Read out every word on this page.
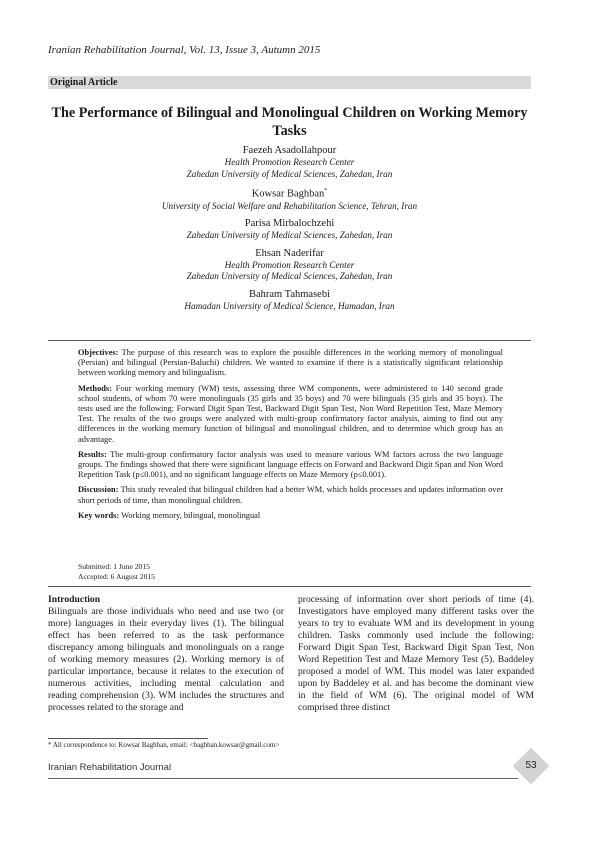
Iranian Rehabilitation Journal, Vol. 13, Issue 3, Autumn 2015
Original Article
The Performance of Bilingual and Monolingual Children on Working Memory Tasks
Faezeh Asadollahpour
Health Promotion Research Center
Zahedan University of Medical Sciences, Zahedan, Iran
Kowsar Baghban*
University of Social Welfare and Rehabilitation Science, Tehran, Iran
Parisa Mirbalochzehi
Zahedan University of Medical Sciences, Zahedan, Iran
Ehsan Naderifar
Health Promotion Research Center
Zahedan University of Medical Sciences, Zahedan, Iran
Bahram Tahmasebi
Hamadan University of Medical Science, Hamadan, Iran

Objectives: The purpose of this research was to explore the possible differences in the working memory of monolingual (Persian) and bilingual (Persian-Baluchi) children. We wanted to examine if there is a statistically significant relationship between working memory and bilingualism.

Methods: Four working memory (WM) tests, assessing three WM components, were administered to 140 second grade school students, of whom 70 were monolinguals (35 girls and 35 boys) and 70 were bilinguals (35 girls and 35 boys). The tests used are the following: Forward Digit Span Test, Backward Digit Span Test, Non Word Repetition Test, Maze Memory Test. The results of the two groups were analyzed with multi-group confirmatory factor analysis, aiming to find out any differences in the working memory function of bilingual and monolingual children, and to determine which group has an advantage.

Results: The multi-group confirmatory factor analysis was used to measure various WM factors across the two language groups. The findings showed that there were significant language effects on Forward and Backward Digit Span and Non Word Repetition Task (p≤0.001), and no significant language effects on Maze Memory (p≤0.001).

Discussion: This study revealed that bilingual children had a better WM, which holds processes and updates information over short periods of time, than monolingual children.

Key words: Working memory, bilingual, monolingual

Submitted: 1 June 2015
Accepted: 6 August 2015
Introduction

Bilinguals are those individuals who need and use two (or more) languages in their everyday lives (1). The bilingual effect has been referred to as the task performance discrepancy among bilinguals and monolinguals on a range of working memory measures (2). Working memory is of particular importance, because it relates to the execution of numerous activities, including mental calculation and reading comprehension (3). WM includes the structures and processes related to the storage and

processing of information over short periods of time (4). Investigators have employed many different tasks over the years to try to evaluate WM and its development in young children. Tasks commonly used include the following: Forward Digit Span Test, Backward Digit Span Test, Non Word Repetition Test and Maze Memory Test (5). Baddeley proposed a model of WM. This model was later expanded upon by Baddeley et al. and has become the dominant view in the field of WM (6). The original model of WM comprised three distinct

* All correspondence to: Kowsar Baghban, email: <baghban.kowsar@gmail.com>
Iranian Rehabilitation Journal	53
